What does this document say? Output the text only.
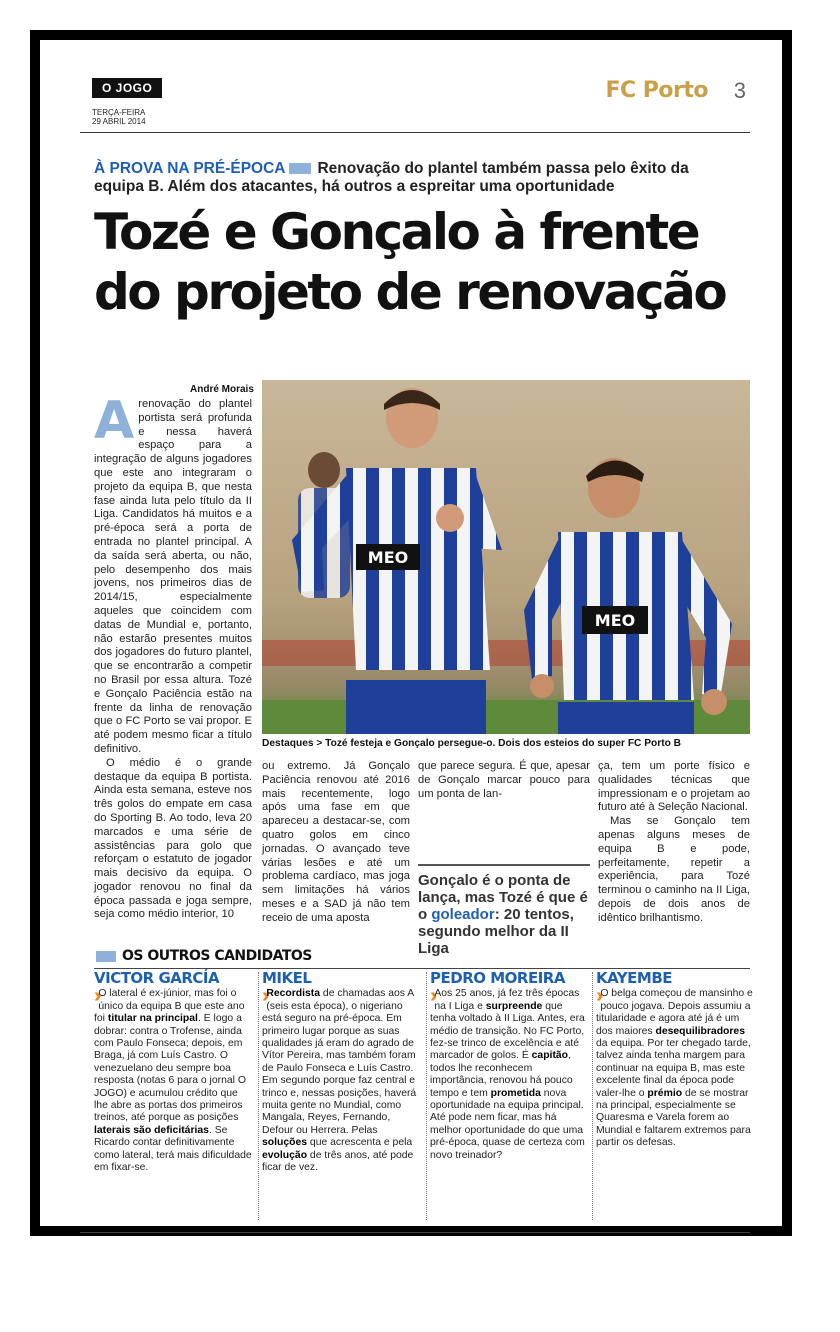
O JOGO
TERÇA-FEIRA
29 ABRIL 2014
FC Porto 3
À PROVA NA PRÉ-ÉPOCA Renovação do plantel também passa pelo êxito da equipa B. Além dos atacantes, há outros a espreitar uma oportunidade
Tozé e Gonçalo à frente do projeto de renovação
André Morais
A renovação do plantel portista será profunda e nessa haverá espaço para a integração de alguns jogadores que este ano integraram o projeto da equipa B, que nesta fase ainda luta pelo título da II Liga. Candidatos há muitos e a pré-época será a porta de entrada no plantel principal. A da saída será aberta, ou não, pelo desempenho dos mais jovens, nos primeiros dias de 2014/15, especialmente aqueles que coincidem com datas de Mundial e, portanto, não estarão presentes muitos dos jogadores do futuro plantel, que se encontrarão a competir no Brasil por essa altura. Tozé e Gonçalo Paciência estão na frente da linha de renovação que o FC Porto se vai propor. E até podem mesmo ficar a título definitivo.

O médio é o grande destaque da equipa B portista. Ainda esta semana, esteve nos três golos do empate em casa do Sporting B. Ao todo, leva 20 marcados e uma série de assistências para golo que reforçam o estatuto de jogador mais decisivo da equipa. O jogador renovou no final da época passada e joga sempre, seja como médio interior, 10

MEO
MEO
Destaques > Tozé festeja e Gonçalo persegue-o. Dois dos esteios do super FC Porto B

ou extremo. Já Gonçalo Paciência renovou até 2016 mais recentemente, logo após uma fase em que apareceu a destacar-se, com quatro golos em cinco jornadas. O avançado teve várias lesões e até um problema cardíaco, mas joga sem limitações há vários meses e a SAD já não tem receio de uma aposta

que parece segura. É que, apesar de Gonçalo marcar pouco para um ponta de lan-

Gonçalo é o ponta de lança, mas Tozé é que é o goleador: 20 tentos, segundo melhor da II Liga

ça, tem um porte físico e qualidades técnicas que impressionam e o projetam ao futuro até à Seleção Nacional.

Mas se Gonçalo tem apenas alguns meses de equipa B e pode, perfeitamente, repetir a experiência, para Tozé terminou o caminho na II Liga, depois de dois anos de idêntico brilhantismo.

OS OUTROS CANDIDATOS
VICTOR GARCÍA
›› O lateral é ex-júnior, mas foi o único da equipa B que este ano foi titular na principal. E logo a dobrar: contra o Trofense, ainda com Paulo Fonseca; depois, em Braga, já com Luís Castro. O venezuelano deu sempre boa resposta (notas 6 para o jornal O JOGO) e acumulou crédito que lhe abre as portas dos primeiros treinos, até porque as posições laterais são deficitárias. Se Ricardo contar definitivamente como lateral, terá mais dificuldade em fixar-se.
MIKEL
›› Recordista de chamadas aos A (seis esta época), o nigeriano está seguro na pré-época. Em primeiro lugar porque as suas qualidades já eram do agrado de Vítor Pereira, mas também foram de Paulo Fonseca e Luís Castro. Em segundo porque faz central e trinco e, nessas posições, haverá muita gente no Mundial, como Mangala, Reyes, Fernando, Defour ou Herrera. Pelas soluções que acrescenta e pela evolução de três anos, até pode ficar de vez.
PEDRO MOREIRA
›› Aos 25 anos, já fez três épocas na I Liga e surpreende que tenha voltado à II Liga. Antes, era médio de transição. No FC Porto, fez-se trinco de excelência e até marcador de golos. É capitão, todos lhe reconhecem importância, renovou há pouco tempo e tem prometida nova oportunidade na equipa principal. Até pode nem ficar, mas há melhor oportunidade do que uma pré-época, quase de certeza com novo treinador?
KAYEMBE
›› O belga começou de mansinho e pouco jogava. Depois assumiu a titularidade e agora até já é um dos maiores desequilibradores da equipa. Por ter chegado tarde, talvez ainda tenha margem para continuar na equipa B, mas este excelente final da época pode valer-lhe o prémio de se mostrar na principal, especialmente se Quaresma e Varela forem ao Mundial e faltarem extremos para partir os defesas.
